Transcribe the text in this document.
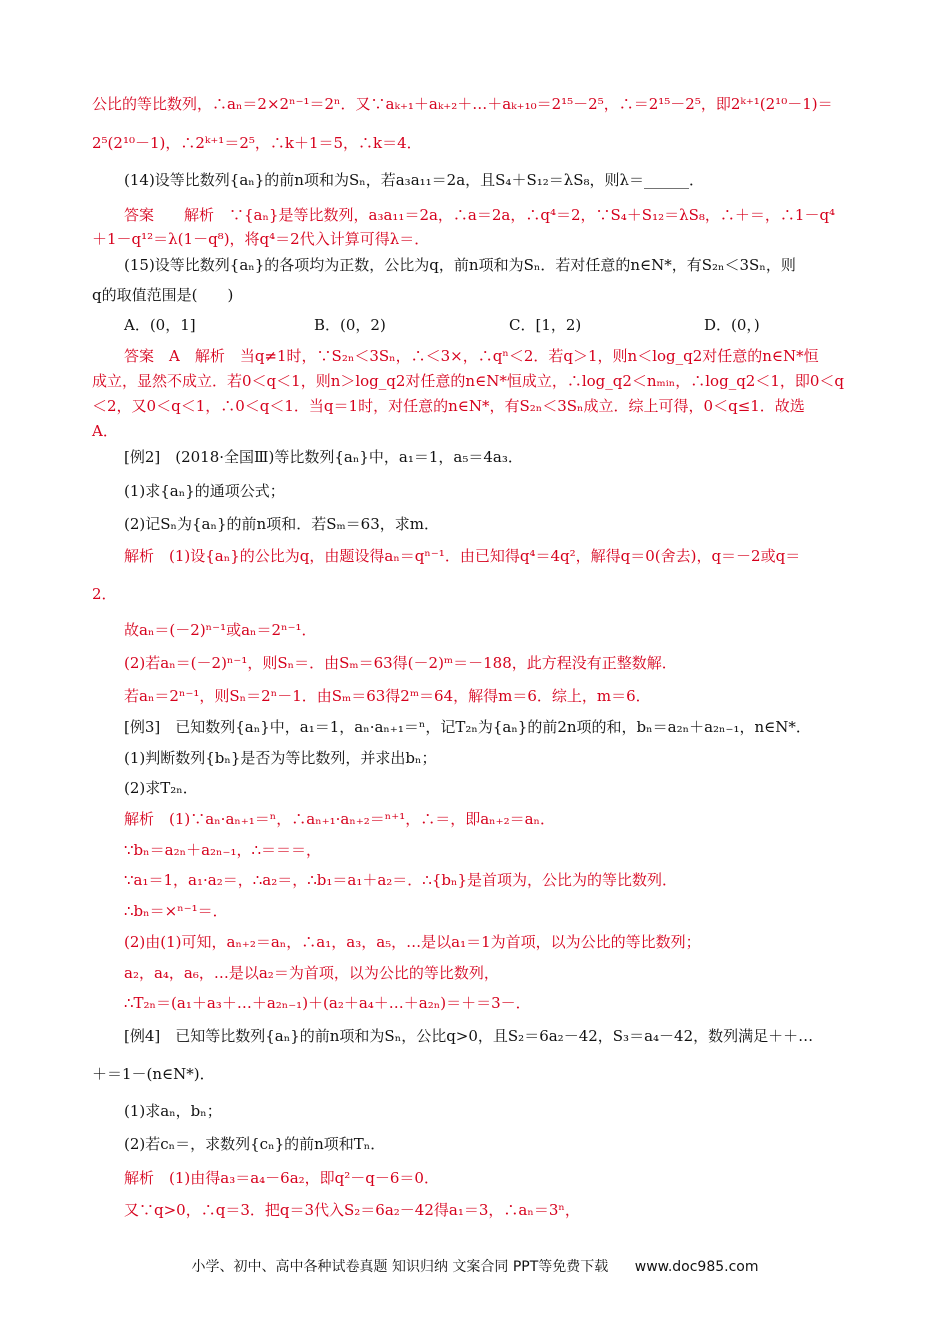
公比的等比数列，∴aₙ＝2×2ⁿ⁻¹＝2ⁿ．又∵aₖ₊₁＋aₖ₊₂＋…＋aₖ₊₁₀＝2¹⁵－2⁵，∴＝2¹⁵－2⁵，即2ᵏ⁺¹(2¹⁰－1)＝
2⁵(2¹⁰－1)，∴2ᵏ⁺¹＝2⁵，∴k＋1＝5，∴k＝4．
(14)设等比数列{aₙ}的前n项和为Sₙ，若a₃a₁₁＝2a，且S₄＋S₁₂＝λS₈，则λ＝______．
答案　　解析　∵{aₙ}是等比数列，a₃a₁₁＝2a，∴a＝2a，∴q⁴＝2，∵S₄＋S₁₂＝λS₈，∴＋＝，∴1－q⁴
＋1－q¹²＝λ(1－q⁸)，将q⁴＝2代入计算可得λ＝．
(15)设等比数列{aₙ}的各项均为正数，公比为q，前n项和为Sₙ．若对任意的n∈N*，有S₂ₙ＜3Sₙ，则
q的取值范围是(　　)
A．(0，1]	B．(0，2)	C．[1，2)	D．(0，)
答案　A　解析　当q≠1时，∵S₂ₙ＜3Sₙ，∴＜3×，∴qⁿ＜2．若q＞1，则n＜log_q2对任意的n∈N*恒
成立，显然不成立．若0＜q＜1，则n＞log_q2对任意的n∈N*恒成立，∴log_q2＜nₘᵢₙ，∴log_q2＜1，即0＜q
＜2，又0＜q＜1，∴0＜q＜1．当q＝1时，对任意的n∈N*，有S₂ₙ＜3Sₙ成立．综上可得，0＜q≤1．故选
A．
[例2]　(2018·全国Ⅲ)等比数列{aₙ}中，a₁＝1，a₅＝4a₃．
(1)求{aₙ}的通项公式；
(2)记Sₙ为{aₙ}的前n项和．若Sₘ＝63，求m．
解析　(1)设{aₙ}的公比为q，由题设得aₙ＝qⁿ⁻¹．由已知得q⁴＝4q²，解得q＝0(舍去)，q＝－2或q＝
2．
故aₙ＝(－2)ⁿ⁻¹或aₙ＝2ⁿ⁻¹．
(2)若aₙ＝(－2)ⁿ⁻¹，则Sₙ＝．由Sₘ＝63得(－2)ᵐ＝－188，此方程没有正整数解．
若aₙ＝2ⁿ⁻¹，则Sₙ＝2ⁿ－1．由Sₘ＝63得2ᵐ＝64，解得m＝6．综上，m＝6．
[例3]　已知数列{aₙ}中，a₁＝1，aₙ·aₙ₊₁＝ⁿ，记T₂ₙ为{aₙ}的前2n项的和，bₙ＝a₂ₙ＋a₂ₙ₋₁，n∈N*．
(1)判断数列{bₙ}是否为等比数列，并求出bₙ；
(2)求T₂ₙ．
解析　(1)∵aₙ·aₙ₊₁＝ⁿ，∴aₙ₊₁·aₙ₊₂＝ⁿ⁺¹，∴＝，即aₙ₊₂＝aₙ．
∵bₙ＝a₂ₙ＋a₂ₙ₋₁，∴＝＝＝，
∵a₁＝1，a₁·a₂＝，∴a₂＝，∴b₁＝a₁＋a₂＝．∴{bₙ}是首项为，公比为的等比数列．
∴bₙ＝×ⁿ⁻¹＝．
(2)由(1)可知，aₙ₊₂＝aₙ，∴a₁，a₃，a₅，…是以a₁＝1为首项，以为公比的等比数列；
a₂，a₄，a₆，…是以a₂＝为首项，以为公比的等比数列，
∴T₂ₙ＝(a₁＋a₃＋…＋a₂ₙ₋₁)＋(a₂＋a₄＋…＋a₂ₙ)＝＋＝3－．
[例4]　已知等比数列{aₙ}的前n项和为Sₙ，公比q>0，且S₂＝6a₂－42，S₃＝a₄－42，数列满足＋＋…
＋＝1－(n∈N*)．
(1)求aₙ，bₙ；
(2)若cₙ＝，求数列{cₙ}的前n项和Tₙ．
解析　(1)由得a₃＝a₄－6a₂，即q²－q－6＝0．
又∵q>0，∴q＝3．把q＝3代入S₂＝6a₂－42得a₁＝3，∴aₙ＝3ⁿ，
小学、初中、高中各种试卷真题 知识归纳 文案合同 PPT等免费下载 www.doc985.com
